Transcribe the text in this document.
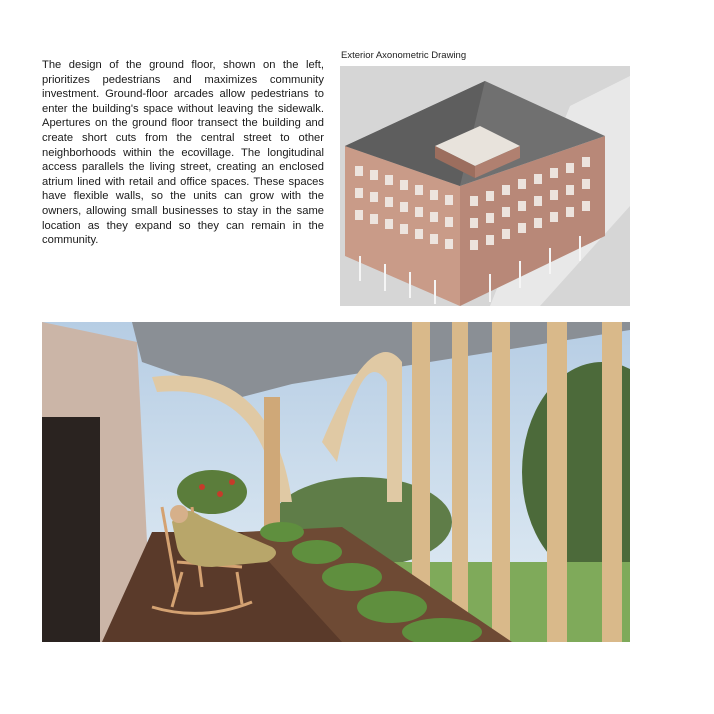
The design of the ground floor, shown on the left, prioritizes pedestrians and maximizes community investment. Ground-floor arcades allow pedestrians to enter the building's space without leaving the sidewalk. Apertures on the ground floor transect the building and create short cuts from the central street to other neighborhoods within the ecovillage. The longitudinal access parallels the living street, creating an enclosed atrium lined with retail and office spaces. These spaces have flexible walls, so the units can grow with the owners, allowing small businesses to stay in the same location as they expand so they can remain in the community.

Exterior Axonometric Drawing
